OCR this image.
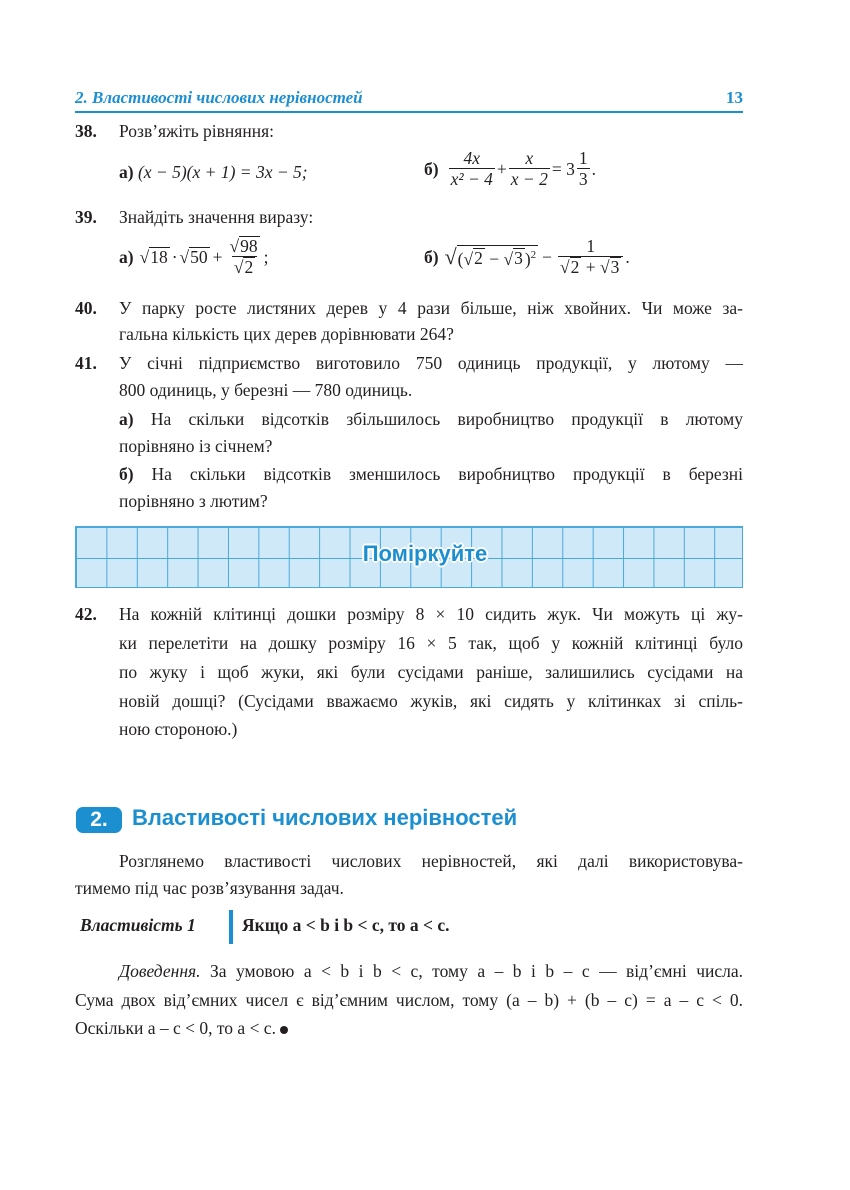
2. Властивості числових нерівностей	13
38. Розв’яжіть рівняння:
а) (x − 5)(x + 1) = 3x − 5;	$б) \frac{4x}{\text{x² − 4}} + \frac{x}{x - 2} = 3 \frac{1}{3}$ .
39. Знайдіть значення виразу:
а) √ 18 · √ $50 + \frac{√98}{√2}$ ;	б) √ (√2 − √3 )$^2 - \frac{1}{√2 + √3}$ .
40. У парку росте листяних дерев у 4 рази більше, ніж хвойних. Чи може за-
гальна кількість цих дерев дорівнювати 264?
41. У січні підприємство виготовило 750 одиниць продукції, у лютому —
800 одиниць, у березні — 780 одиниць.
а) На скільки відсотків збільшилось виробництво продукції в лютому
порівняно із січнем?
б) На скільки відсотків зменшилось виробництво продукції в березні
порівняно з лютим?
Поміркуйте
42. На кожній клітинці дошки розміру 8 × 10 сидить жук. Чи можуть ці жу-
ки перелетіти на дошку розміру 16 × 5 так, щоб у кожній клітинці було
по жуку і щоб жуки, які були сусідами раніше, залишились сусідами на
новій дошці? (Сусідами вважаємо жуків, які сидять у клітинках зі спіль-
ною стороною.)
2.	Властивості числових нерівностей
Розглянемо властивості числових нерівностей, які далі використовува-
тимемо під час розв’язування задач.
Властивість 1	Якщо a < b і b < c, то a < c.
Доведення. За умовою a < b і b < c, тому a – b і b – c — від’ємні числа.
Сума двох від’ємних чисел є від’ємним числом, тому (a – b) + (b – c) = a – c < 0.
Оскільки a – c < 0, то a < c.
